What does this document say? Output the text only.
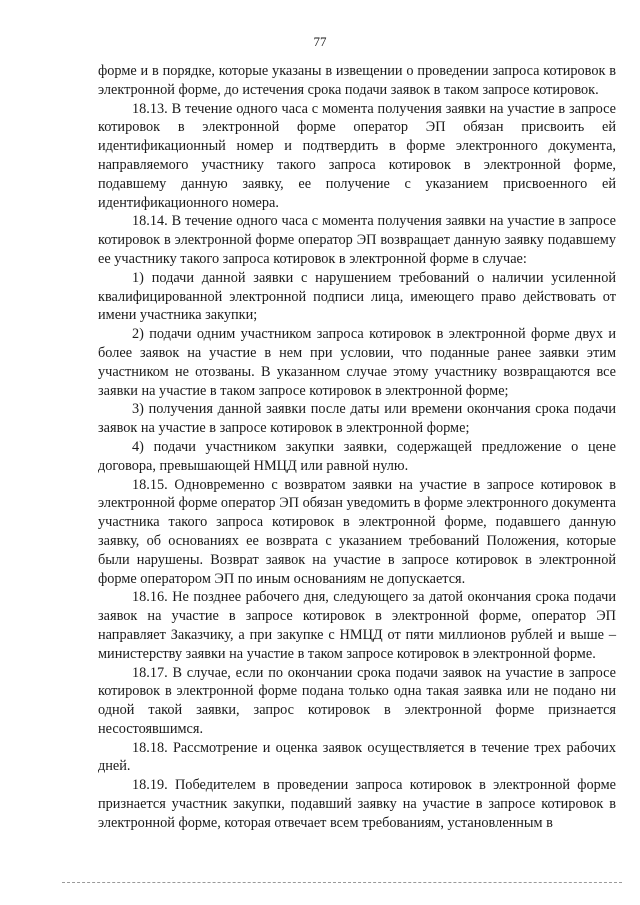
77

форме и в порядке, которые указаны в извещении о проведении запроса котировок в электронной форме, до истечения срока подачи заявок в таком запросе котировок.

18.13. В течение одного часа с момента получения заявки на участие в запросе котировок в электронной форме оператор ЭП обязан присвоить ей идентификационный номер и подтвердить в форме электронного документа, направляемого участнику такого запроса котировок в электронной форме, подавшему данную заявку, ее получение с указанием присвоенного ей идентификационного номера.

18.14. В течение одного часа с момента получения заявки на участие в запросе котировок в электронной форме оператор ЭП возвращает данную заявку подавшему ее участнику такого запроса котировок в электронной форме в случае:

1) подачи данной заявки с нарушением требований о наличии усиленной квалифицированной электронной подписи лица, имеющего право действовать от имени участника закупки;

2) подачи одним участником запроса котировок в электронной форме двух и более заявок на участие в нем при условии, что поданные ранее заявки этим участником не отозваны. В указанном случае этому участнику возвращаются все заявки на участие в таком запросе котировок в электронной форме;

3) получения данной заявки после даты или времени окончания срока подачи заявок на участие в запросе котировок в электронной форме;

4) подачи участником закупки заявки, содержащей предложение о цене договора, превышающей НМЦД или равной нулю.

18.15. Одновременно с возвратом заявки на участие в запросе котировок в электронной форме оператор ЭП обязан уведомить в форме электронного документа участника такого запроса котировок в электронной форме, подавшего данную заявку, об основаниях ее возврата с указанием требований Положения, которые были нарушены. Возврат заявок на участие в запросе котировок в электронной форме оператором ЭП по иным основаниям не допускается.

18.16. Не позднее рабочего дня, следующего за датой окончания срока подачи заявок на участие в запросе котировок в электронной форме, оператор ЭП направляет Заказчику, а при закупке с НМЦД от пяти миллионов рублей и выше – министерству заявки на участие в таком запросе котировок в электронной форме.

18.17. В случае, если по окончании срока подачи заявок на участие в запросе котировок в электронной форме подана только одна такая заявка или не подано ни одной такой заявки, запрос котировок в электронной форме признается несостоявшимся.

18.18. Рассмотрение и оценка заявок осуществляется в течение трех рабочих дней.

18.19. Победителем в проведении запроса котировок в электронной форме признается участник закупки, подавший заявку на участие в запросе котировок в электронной форме, которая отвечает всем требованиям, установленным в
